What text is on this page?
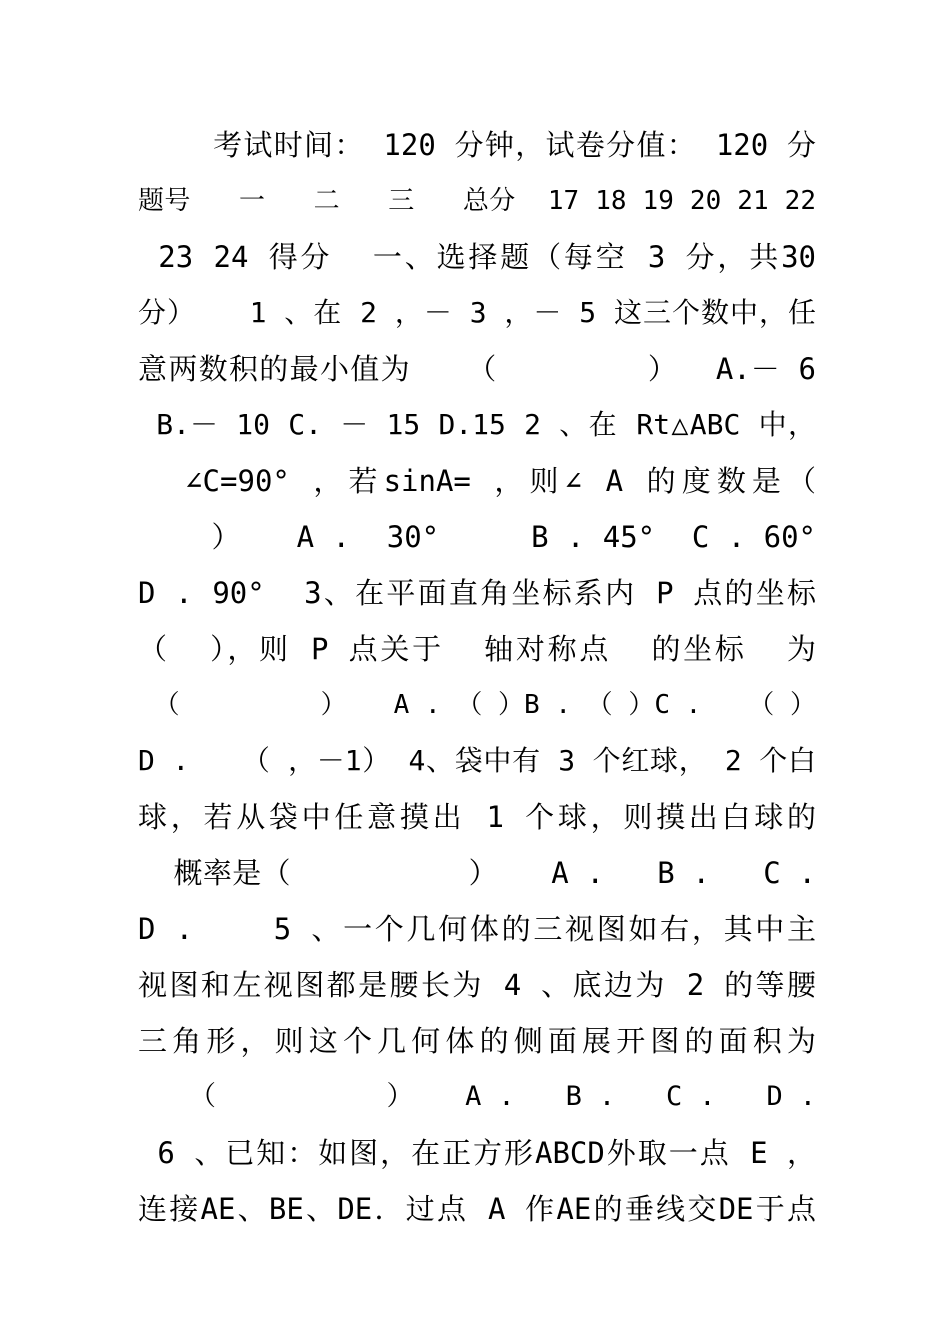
考试时间： 120 分钟，试卷分值： 120 分
题号   一   二   三   总分  17 18 19 20 21 22
23 24 得分  一、选择题（每空 3 分，共30
分）   1 、在 2 ，－ 3 ，－ 5 这三个数中，任
意两数积的最小值为   （        ）  A.－ 6
B.－ 10 C. － 15 D.15 2 、在 Rt△ABC 中，
∠C=90° ，若sinA= ，则∠ A 的度数是（
）   A .  30°     B . 45°  C . 60°
D . 90°  3、在平面直角坐标系内 P 点的坐标
（  ），则 P 点关于  轴对称点  的坐标  为
（         ）   A . （ ）B . （ ）C .   （ ）
D .   （ ，－1） 4、袋中有 3 个红球， 2 个白
球，若从袋中任意摸出 1 个球，则摸出白球的
概率是（          ）   A .   B .   C .
D .    5 、一个几何体的三视图如右，其中主
视图和左视图都是腰长为 4 、底边为 2 的等腰
三角形，则这个几何体的侧面展开图的面积为
（          ）   A .   B .   C .   D .
6 、已知：如图，在正方形ABCD外取一点 E ，
连接AE、BE、DE．过点 A 作AE的垂线交DE于点
